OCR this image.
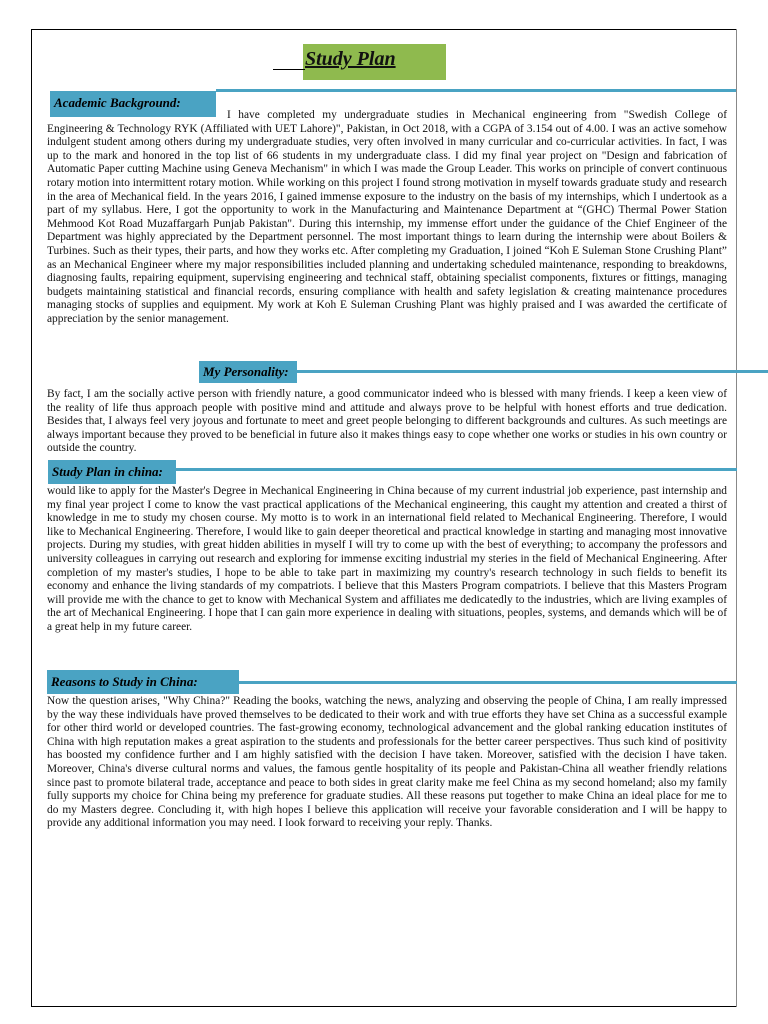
Study Plan
Academic Background:

I have completed my undergraduate studies in Mechanical engineering from "Swedish College of Engineering & Technology RYK (Affiliated with UET Lahore)", Pakistan, in Oct 2018, with a CGPA of 3.154 out of 4.00. I was an active somehow indulgent student among others during my undergraduate studies, very often involved in many curricular and co-curricular activities. In fact, I was up to the mark and honored in the top list of 66 students in my undergraduate class. I did my final year project on "Design and fabrication of Automatic Paper cutting Machine using Geneva Mechanism" in which I was made the Group Leader. This works on principle of convert continuous rotary motion into intermittent rotary motion. While working on this project I found strong motivation in myself towards graduate study and research in the area of Mechanical field. In the years 2016, I gained immense exposure to the industry on the basis of my internships, which I undertook as a part of my syllabus. Here, I got the opportunity to work in the Manufacturing and Maintenance Department at “(GHC) Thermal Power Station Mehmood Kot Road Muzaffargarh Punjab Pakistan". During this internship, my immense effort under the guidance of the Chief Engineer of the Department was highly appreciated by the Department personnel. The most important things to learn during the internship were about Boilers & Turbines. Such as their types, their parts, and how they works etc. After completing my Graduation, I joined “Koh E Suleman Stone Crushing Plant” as an Mechanical Engineer where my major responsibilities included planning and undertaking scheduled maintenance, responding to breakdowns, diagnosing faults, repairing equipment, supervising engineering and technical staff, obtaining specialist components, fixtures or fittings, managing budgets maintaining statistical and financial records, ensuring compliance with health and safety legislation & creating maintenance procedures managing stocks of supplies and equipment. My work at Koh E Suleman Crushing Plant was highly praised and I was awarded the certificate of appreciation by the senior management.

My Personality:

By fact, I am the socially active person with friendly nature, a good communicator indeed who is blessed with many friends. I keep a keen view of the reality of life thus approach people with positive mind and attitude and always prove to be helpful with honest efforts and true dedication. Besides that, I always feel very joyous and fortunate to meet and greet people belonging to different backgrounds and cultures. As such meetings are always important because they proved to be beneficial in future also it makes things easy to cope whether one works or studies in his own country or outside the country.

Study Plan in china:

would like to apply for the Master's Degree in Mechanical Engineering in China because of my current industrial job experience, past internship and my final year project I come to know the vast practical applications of the Mechanical engineering, this caught my attention and created a thirst of knowledge in me to study my chosen course. My motto is to work in an international field related to Mechanical Engineering. Therefore, I would like to Mechanical Engineering. Therefore, I would like to gain deeper theoretical and practical knowledge in starting and managing most innovative projects. During my studies, with great hidden abilities in myself I will try to come up with the best of everything; to accompany the professors and university colleagues in carrying out research and exploring for immense exciting industrial my steries in the field of Mechanical Engineering. After completion of my master's studies, I hope to be able to take part in maximizing my country's research technology in such fields to benefit its economy and enhance the living standards of my compatriots. I believe that this Masters Program compatriots. I believe that this Masters Program will provide me with the chance to get to know with Mechanical System and affiliates me dedicatedly to the industries, which are living examples of the art of Mechanical Engineering. I hope that I can gain more experience in dealing with situations, peoples, systems, and demands which will be of a great help in my future career.

Reasons to Study in China:

Now the question arises, "Why China?" Reading the books, watching the news, analyzing and observing the people of China, I am really impressed by the way these individuals have proved themselves to be dedicated to their work and with true efforts they have set China as a successful example for other third world or developed countries. The fast-growing economy, technological advancement and the global ranking education institutes of China with high reputation makes a great aspiration to the students and professionals for the better career perspectives. Thus such kind of positivity has boosted my confidence further and I am highly satisfied with the decision I have taken. Moreover, satisfied with the decision I have taken. Moreover, China's diverse cultural norms and values, the famous gentle hospitality of its people and Pakistan-China all weather friendly relations since past to promote bilateral trade, acceptance and peace to both sides in great clarity make me feel China as my second homeland; also my family fully supports my choice for China being my preference for graduate studies. All these reasons put together to make China an ideal place for me to do my Masters degree. Concluding it, with high hopes I believe this application will receive your favorable consideration and I will be happy to provide any additional information you may need. I look forward to receiving your reply. Thanks.
